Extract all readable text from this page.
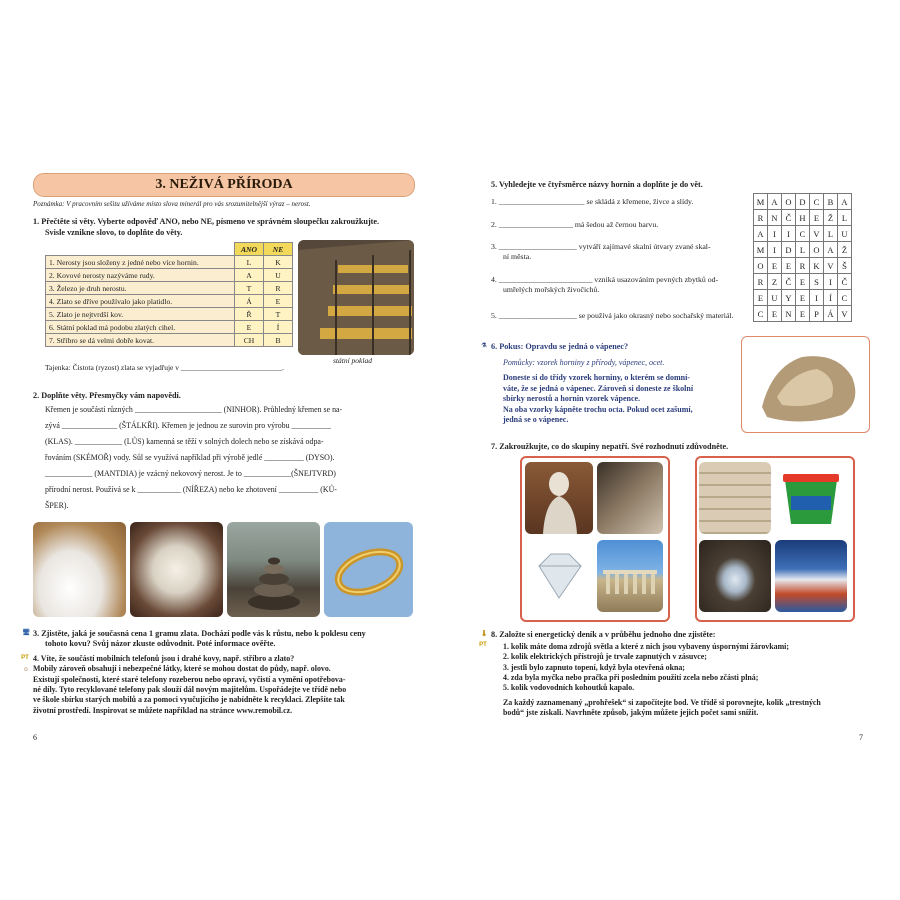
3. NEŽIVÁ PŘÍRODA
Poznámka: V pracovním sešitu užíváme místo slova minerál pro vás srozumitelnější výraz – nerost.
1. Přečtěte si věty. Vyberte odpověď ANO, nebo NE, písmeno ve správném sloupečku zakroužkujte.
Svisle vznikne slovo, to doplňte do věty.
	ANO	NE
1. Nerosty jsou složeny z jedné nebo více hornin.	L	K
2. Kovové nerosty nazýváme rudy.	A	U
3. Železo je druh nerostu.	T	R
4. Zlato se dříve používalo jako platidlo.	Á	E
5. Zlato je nejtvrdší kov.	Ř	T
6. Státní poklad má podobu zlatých cihel.	E	Í
7. Stříbro se dá velmi dobře kovat.	CH	B
státní poklad
Tajenka: Čistota (ryzost) zlata se vyjadřuje v ___________________________.
2. Doplňte věty. Přesmyčky vám napovědí.
Křemen je součástí různých ______________________ (NINHOR). Průhledný křemen se na-
zývá ______________ (ŠTÁLKŘI). Křemen je jednou ze surovin pro výrobu __________
(KLAS). ____________ (LŮS) kamenná se těží v solných dolech nebo se získává odpa-
řováním (SKÉMOŘ) vody. Sůl se využívá například při výrobě jedlé __________ (DYSO).
____________ (MANTDIA) je vzácný nekovový nerost. Je to ____________(ŠNEJTVRD)
přírodní nerost. Používá se k ___________ (NÍŘEZA) nebo ke zhotovení __________ (KŮ-
ŠPER).
🖥 3. Zjistěte, jaká je současná cena 1 gramu zlata. Dochází podle vás k růstu, nebo k poklesu ceny
tohoto kovu? Svůj názor zkuste odůvodnit. Poté informace ověřte.
PT
☺
4. Víte, že součástí mobilních telefonů jsou i drahé kovy, např. stříbro a zlato?
Mobily zároveň obsahují i nebezpečné látky, které se mohou dostat do půdy, např. olovo.
Existují společnosti, které staré telefony rozeberou nebo opraví, vyčistí a vymění opotřebova-
né díly. Tyto recyklované telefony pak slouží dál novým majitelům. Uspořádejte ve třídě nebo
ve škole sbírku starých mobilů a za pomoci vyučujícího je nabídněte k recyklaci. Zlepšíte tak
životní prostředí. Inspirovat se můžete například na stránce www.remobil.cz.
6
5. Vyhledejte ve čtyřsměrce názvy hornin a doplňte je do vět.
1. ______________________ se skládá z křemene, živce a slídy.
2. ___________________ má šedou až černou barvu.
3. ____________________ vytváří zajímavé skalní útvary zvané skal-
ní města.
4. ________________________ vzniká usazováním pevných zbytků od-
umřelých mořských živočichů.
5. ____________________ se používá jako okrasný nebo sochařský materiál.
M	A	O	D	C	B	A
R	N	Č	H	E	Ž	L
A	I	I	C	V	L	U
M	I	D	L	O	A	Ž
O	E	E	R	K	V	Š
R	Z	Č	E	S	I	Č
E	U	Y	E	I	Í	C
C	E	N	E	P	Á	V
⚗ 6. Pokus: Opravdu se jedná o vápenec?
Pomůcky: vzorek horniny z přírody, vápenec, ocet.
Doneste si do třídy vzorek horniny, o kterém se domní-
váte, že se jedná o vápenec. Zároveň si doneste ze školní
sbírky nerostů a hornin vzorek vápence.
Na oba vzorky kápněte trochu octa. Pokud ocet zašumí,
jedná se o vápenec.
7. Zakroužkujte, co do skupiny nepatří. Své rozhodnutí zdůvodněte.
🌡
PT
8. Založte si energetický deník a v průběhu jednoho dne zjistěte:
1. kolik máte doma zdrojů světla a které z nich jsou vybaveny úspornými žárovkami;
2. kolik elektrických přístrojů je trvale zapnutých v zásuvce;
3. jestli bylo zapnuto topení, když byla otevřená okna;
4. zda byla myčka nebo pračka při posledním použití zcela nebo zčásti plná;
5. kolik vodovodních kohoutků kapalo.
Za každý zaznamenaný „prohřešek“ si započítejte bod. Ve třídě si porovnejte, kolik „trestných
bodů“ jste získali. Navrhněte způsob, jakým můžete jejich počet sami snížit.
7
